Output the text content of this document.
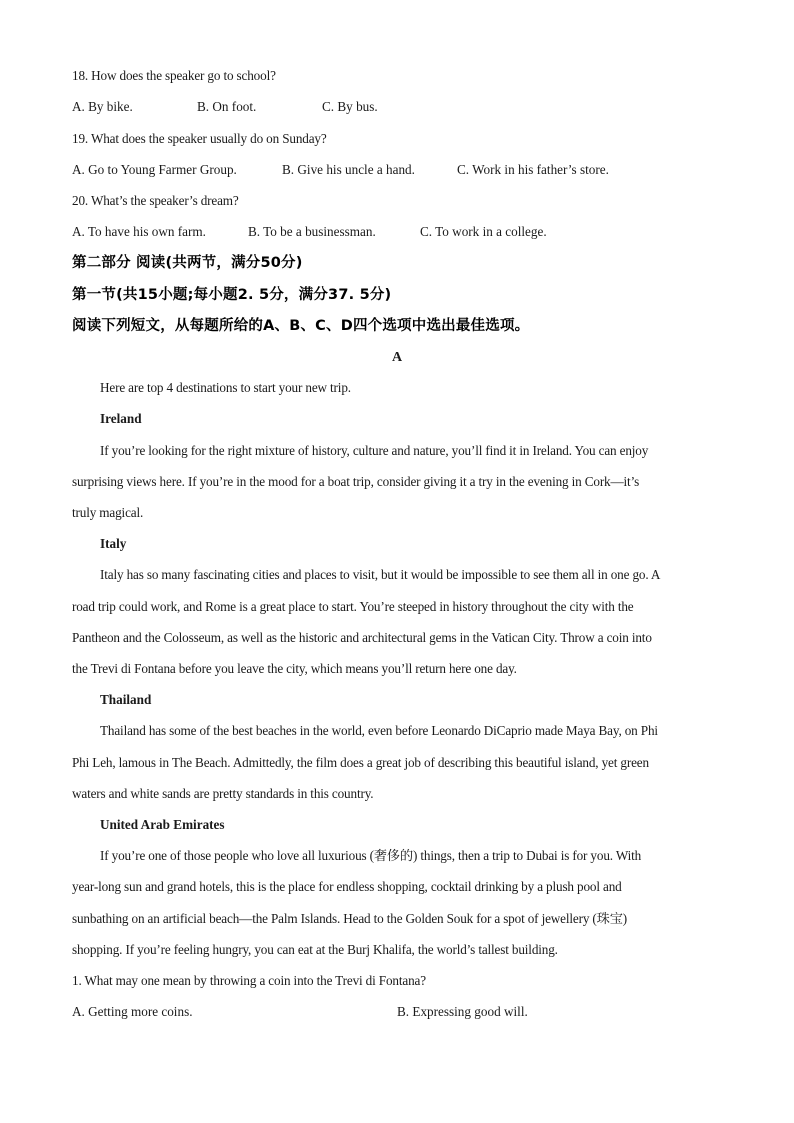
18. How does the speaker go to school?
A. By bike.	B. On foot.	C. By bus.
19. What does the speaker usually do on Sunday?
A. Go to Young Farmer Group.	B. Give his uncle a hand.	C. Work in his father’s store.
20. What’s the speaker’s dream?
A. To have his own farm.	B. To be a businessman.	C. To work in a college.
第二部分 阅读(共两节，满分50分)
第一节(共15小题;每小题2. 5分，满分37. 5分)
阅读下列短文，从每题所给的A、B、C、D四个选项中选出最佳选项。
A
Here are top 4 destinations to start your new trip.
Ireland
If you’re looking for the right mixture of history, culture and nature, you’ll find it in Ireland. You can enjoy
surprising views here. If you’re in the mood for a boat trip, consider giving it a try in the evening in Cork—it’s
truly magical.
Italy
Italy has so many fascinating cities and places to visit, but it would be impossible to see them all in one go. A
road trip could work, and Rome is a great place to start. You’re steeped in history throughout the city with the
Pantheon and the Colosseum, as well as the historic and architectural gems in the Vatican City. Throw a coin into
the Trevi di Fontana before you leave the city, which means you’ll return here one day.
Thailand
Thailand has some of the best beaches in the world, even before Leonardo DiCaprio made Maya Bay, on Phi
Phi Leh, lamous in The Beach. Admittedly, the film does a great job of describing this beautiful island, yet green
waters and white sands are pretty standards in this country.
United Arab Emirates
If you’re one of those people who love all luxurious (奢侈的) things, then a trip to Dubai is for you. With
year-long sun and grand hotels, this is the place for endless shopping, cocktail drinking by a plush pool and
sunbathing on an artificial beach—the Palm Islands. Head to the Golden Souk for a spot of jewellery (珠宝)
shopping. If you’re feeling hungry, you can eat at the Burj Khalifa, the world’s tallest building.
1. What may one mean by throwing a coin into the Trevi di Fontana?
A. Getting more coins.	B. Expressing good will.
